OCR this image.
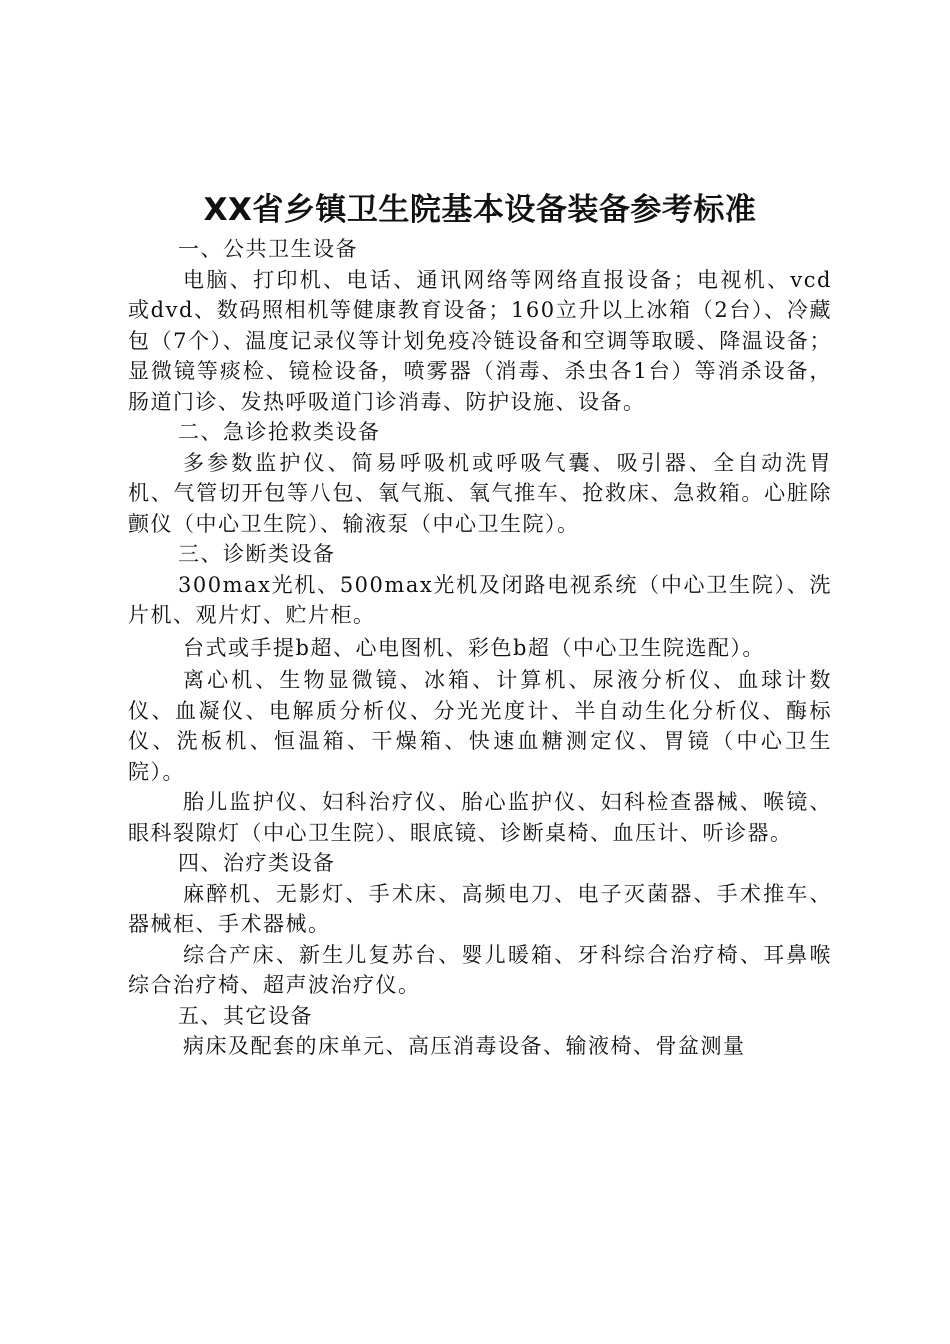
XX省乡镇卫生院基本设备装备参考标准

一、公共卫生设备

电脑、打印机、电话、通讯网络等网络直报设备；电视机、vcd或dvd、数码照相机等健康教育设备；160立升以上冰箱（2台）、冷藏包（7个）、温度记录仪等计划免疫冷链设备和空调等取暖、降温设备；显微镜等痰检、镜检设备，喷雾器（消毒、杀虫各1台）等消杀设备，肠道门诊、发热呼吸道门诊消毒、防护设施、设备。

二、急诊抢救类设备

多参数监护仪、简易呼吸机或呼吸气囊、吸引器、全自动洗胃机、气管切开包等八包、氧气瓶、氧气推车、抢救床、急救箱。心脏除颤仪（中心卫生院）、输液泵（中心卫生院）。

三、诊断类设备

300max光机、500max光机及闭路电视系统（中心卫生院）、洗片机、观片灯、贮片柜。

台式或手提b超、心电图机、彩色b超（中心卫生院选配）。

离心机、生物显微镜、冰箱、计算机、尿液分析仪、血球计数仪、血凝仪、电解质分析仪、分光光度计、半自动生化分析仪、酶标仪、洗板机、恒温箱、干燥箱、快速血糖测定仪、胃镜（中心卫生院）。

胎儿监护仪、妇科治疗仪、胎心监护仪、妇科检查器械、喉镜、眼科裂隙灯（中心卫生院）、眼底镜、诊断桌椅、血压计、听诊器。

四、治疗类设备

麻醉机、无影灯、手术床、高频电刀、电子灭菌器、手术推车、器械柜、手术器械。

综合产床、新生儿复苏台、婴儿暖箱、牙科综合治疗椅、耳鼻喉综合治疗椅、超声波治疗仪。

五、其它设备

病床及配套的床单元、高压消毒设备、输液椅、骨盆测量
